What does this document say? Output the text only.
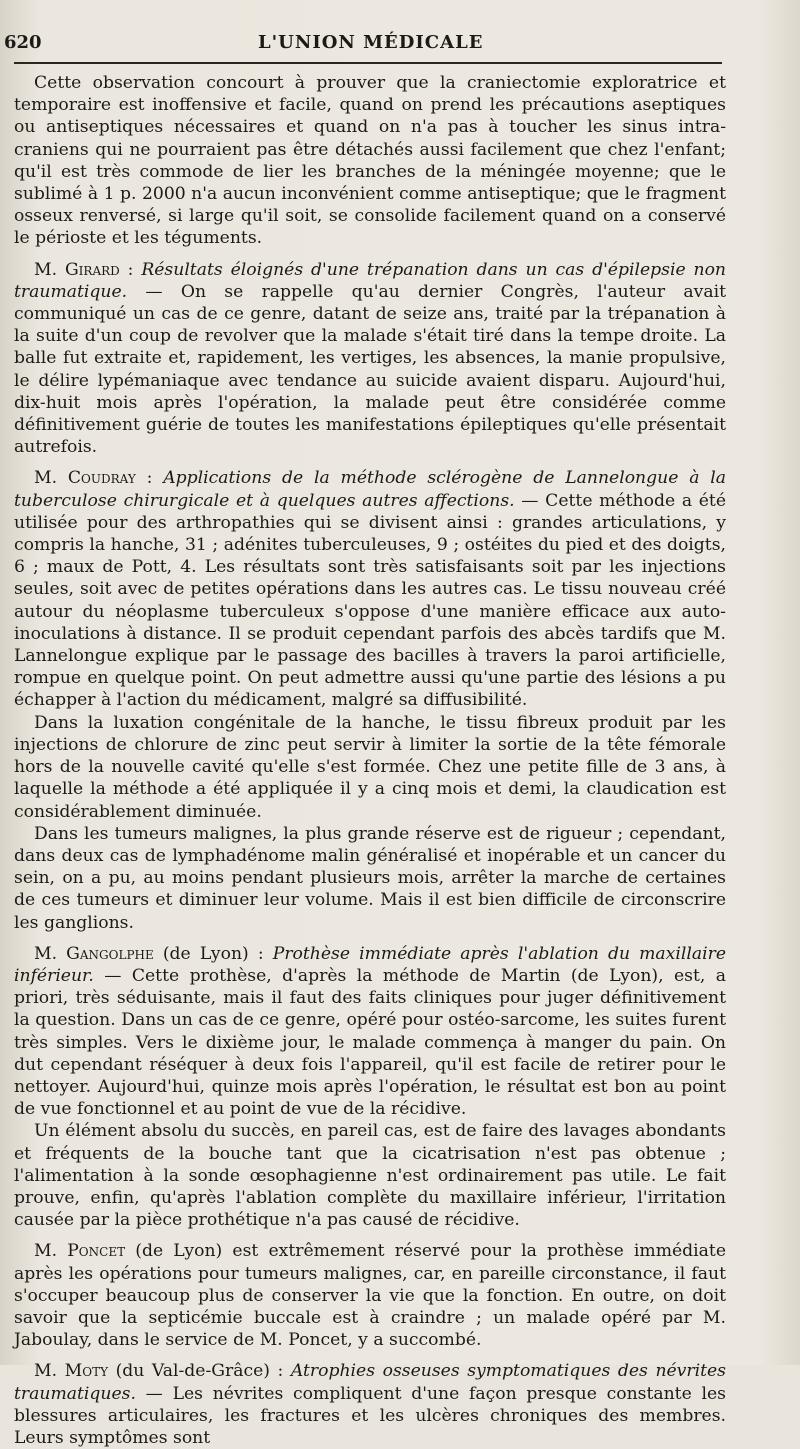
620	L'UNION MÉDICALE

Cette observation concourt à prouver que la craniectomie exploratrice et temporaire est inoffensive et facile, quand on prend les précautions aseptiques ou antiseptiques nécessaires et quand on n'a pas à toucher les sinus intra-craniens qui ne pourraient pas être détachés aussi facilement que chez l'enfant; qu'il est très commode de lier les branches de la méningée moyenne; que le sublimé à 1 p. 2000 n'a aucun inconvénient comme antiseptique; que le fragment osseux renversé, si large qu'il soit, se consolide facilement quand on a conservé le périoste et les téguments.

M. Girard : Résultats éloignés d'une trépanation dans un cas d'épilepsie non traumatique. — On se rappelle qu'au dernier Congrès, l'auteur avait communiqué un cas de ce genre, datant de seize ans, traité par la trépanation à la suite d'un coup de revolver que la malade s'était tiré dans la tempe droite. La balle fut extraite et, rapidement, les vertiges, les absences, la manie propulsive, le délire lypémaniaque avec tendance au suicide avaient disparu. Aujourd'hui, dix-huit mois après l'opération, la malade peut être considérée comme définitivement guérie de toutes les manifestations épileptiques qu'elle présentait autrefois.

M. Coudray : Applications de la méthode sclérogène de Lannelongue à la tuberculose chirurgicale et à quelques autres affections. — Cette méthode a été utilisée pour des arthropathies qui se divisent ainsi : grandes articulations, y compris la hanche, 31 ; adénites tuberculeuses, 9 ; ostéites du pied et des doigts, 6 ; maux de Pott, 4. Les résultats sont très satisfaisants soit par les injections seules, soit avec de petites opérations dans les autres cas. Le tissu nouveau créé autour du néoplasme tuberculeux s'oppose d'une manière efficace aux auto-inoculations à distance. Il se produit cependant parfois des abcès tardifs que M. Lannelongue explique par le passage des bacilles à travers la paroi artificielle, rompue en quelque point. On peut admettre aussi qu'une partie des lésions a pu échapper à l'action du médicament, malgré sa diffusibilité.

Dans la luxation congénitale de la hanche, le tissu fibreux produit par les injections de chlorure de zinc peut servir à limiter la sortie de la tête fémorale hors de la nouvelle cavité qu'elle s'est formée. Chez une petite fille de 3 ans, à laquelle la méthode a été appliquée il y a cinq mois et demi, la claudication est considérablement diminuée.

Dans les tumeurs malignes, la plus grande réserve est de rigueur ; cependant, dans deux cas de lymphadénome malin généralisé et inopérable et un cancer du sein, on a pu, au moins pendant plusieurs mois, arrêter la marche de certaines de ces tumeurs et diminuer leur volume. Mais il est bien difficile de circonscrire les ganglions.

M. Gangolphe (de Lyon) : Prothèse immédiate après l'ablation du maxillaire inférieur. — Cette prothèse, d'après la méthode de Martin (de Lyon), est, a priori, très séduisante, mais il faut des faits cliniques pour juger définitivement la question. Dans un cas de ce genre, opéré pour ostéo-sarcome, les suites furent très simples. Vers le dixième jour, le malade commença à manger du pain. On dut cependant réséquer à deux fois l'appareil, qu'il est facile de retirer pour le nettoyer. Aujourd'hui, quinze mois après l'opération, le résultat est bon au point de vue fonctionnel et au point de vue de la récidive.

Un élément absolu du succès, en pareil cas, est de faire des lavages abondants et fréquents de la bouche tant que la cicatrisation n'est pas obtenue ; l'alimentation à la sonde œsophagienne n'est ordinairement pas utile. Le fait prouve, enfin, qu'après l'ablation complète du maxillaire inférieur, l'irritation causée par la pièce prothétique n'a pas causé de récidive.

M. Poncet (de Lyon) est extrêmement réservé pour la prothèse immédiate après les opérations pour tumeurs malignes, car, en pareille circonstance, il faut s'occuper beaucoup plus de conserver la vie que la fonction. En outre, on doit savoir que la septicémie buccale est à craindre ; un malade opéré par M. Jaboulay, dans le service de M. Poncet, y a succombé.

M. Moty (du Val-de-Grâce) : Atrophies osseuses symptomatiques des névrites traumatiques. — Les névrites compliquent d'une façon presque constante les blessures articulaires, les fractures et les ulcères chroniques des membres. Leurs symptômes sont
